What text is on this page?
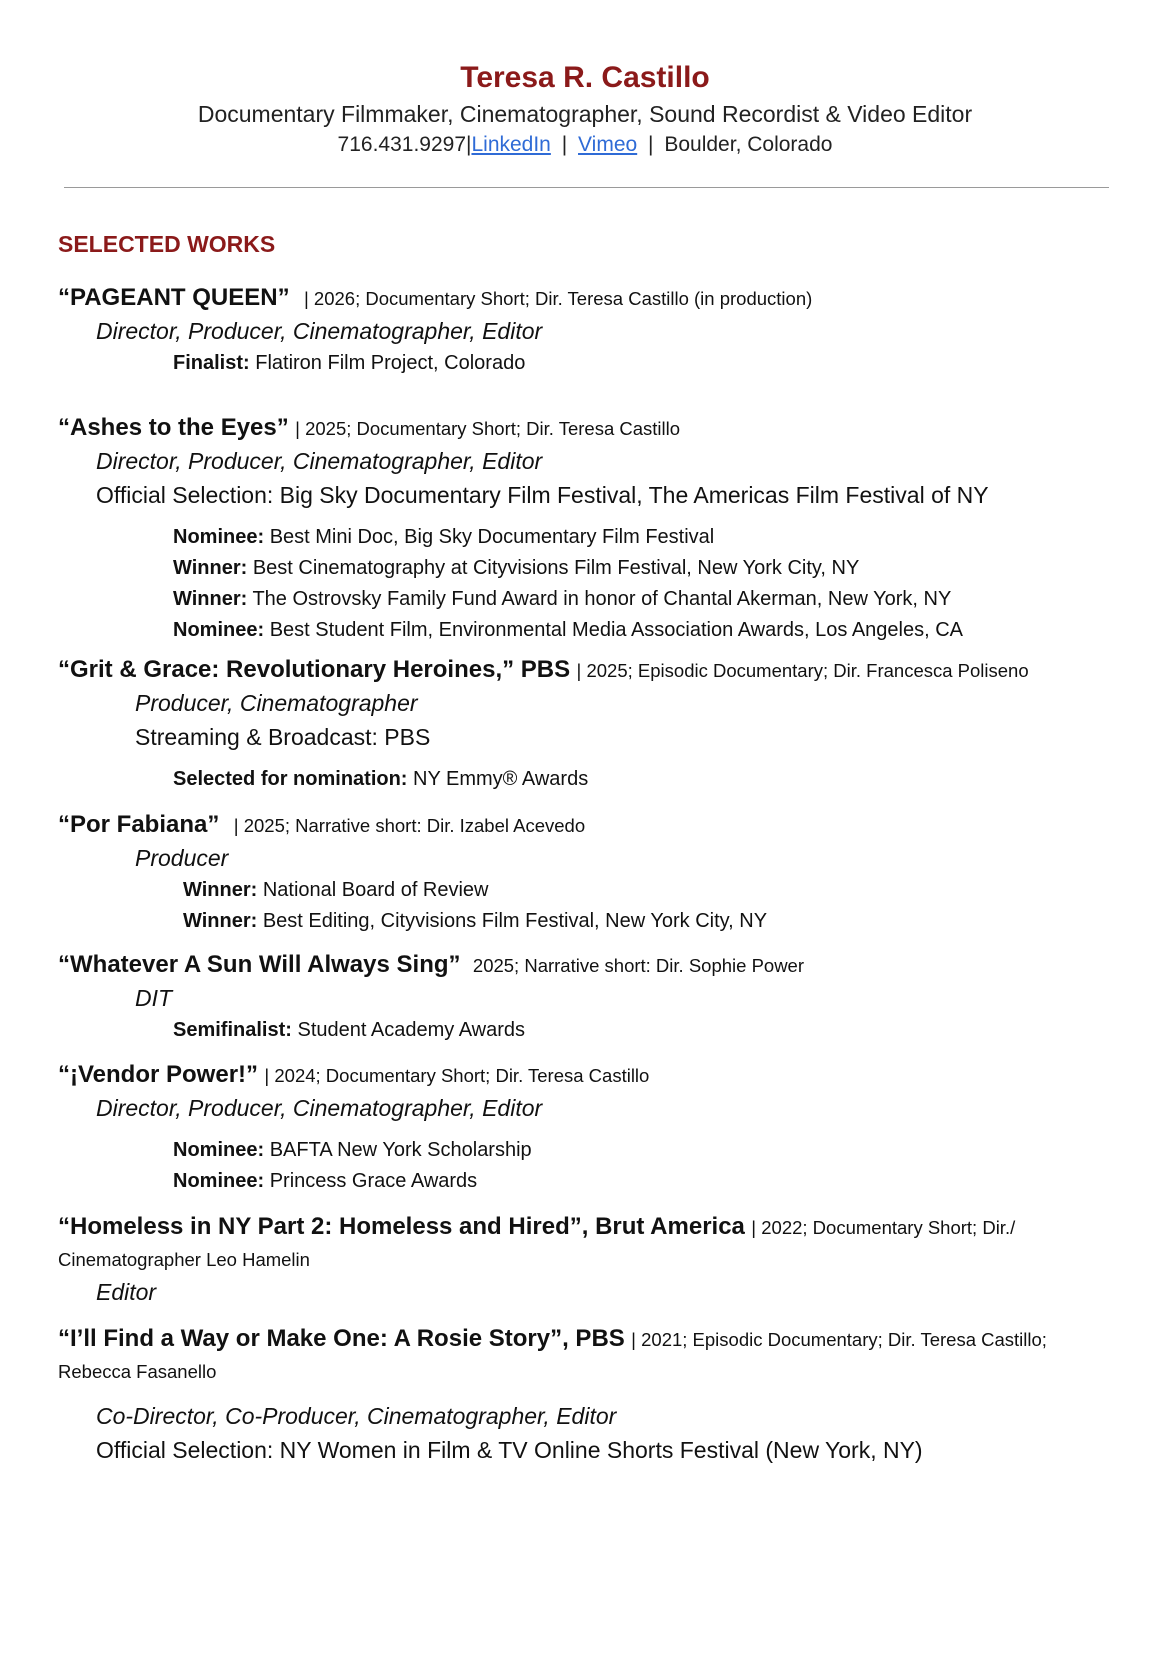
Teresa R. Castillo
Documentary Filmmaker, Cinematographer, Sound Recordist & Video Editor
716.431.9297|LinkedIn | Vimeo | Boulder, Colorado
SELECTED WORKS
“PAGEANT QUEEN” | 2026; Documentary Short; Dir. Teresa Castillo (in production)
Director, Producer, Cinematographer, Editor
Finalist: Flatiron Film Project, Colorado
“Ashes to the Eyes” | 2025; Documentary Short; Dir. Teresa Castillo
Director, Producer, Cinematographer, Editor
Official Selection: Big Sky Documentary Film Festival, The Americas Film Festival of NY
Nominee: Best Mini Doc, Big Sky Documentary Film Festival
Winner: Best Cinematography at Cityvisions Film Festival, New York City, NY
Winner: The Ostrovsky Family Fund Award in honor of Chantal Akerman, New York, NY
Nominee: Best Student Film, Environmental Media Association Awards, Los Angeles, CA
“Grit & Grace: Revolutionary Heroines,” PBS | 2025; Episodic Documentary; Dir. Francesca Poliseno
Producer, Cinematographer
Streaming & Broadcast: PBS
Selected for nomination: NY Emmy® Awards
“Por Fabiana” | 2025; Narrative short: Dir. Izabel Acevedo
Producer
Winner: National Board of Review
Winner: Best Editing, Cityvisions Film Festival, New York City, NY
“Whatever A Sun Will Always Sing” 2025; Narrative short: Dir. Sophie Power
DIT
Semifinalist: Student Academy Awards
“¡Vendor Power!” | 2024; Documentary Short; Dir. Teresa Castillo
Director, Producer, Cinematographer, Editor
Nominee: BAFTA New York Scholarship
Nominee: Princess Grace Awards
“Homeless in NY Part 2: Homeless and Hired”, Brut America | 2022; Documentary Short; Dir./ Cinematographer Leo Hamelin
Editor
“I’ll Find a Way or Make One: A Rosie Story”, PBS | 2021; Episodic Documentary; Dir. Teresa Castillo; Rebecca Fasanello
Co-Director, Co-Producer, Cinematographer, Editor
Official Selection: NY Women in Film & TV Online Shorts Festival (New York, NY)
